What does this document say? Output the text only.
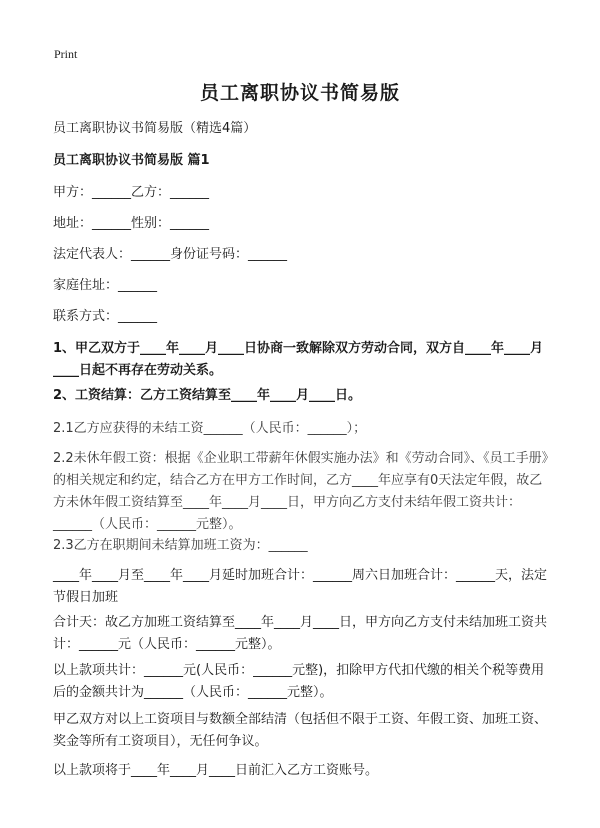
Print
员工离职协议书简易版
员工离职协议书简易版（精选4篇）
员工离职协议书简易版 篇1
甲方：______乙方：______
地址：______性别：______
法定代表人：______身份证号码：______
家庭住址：______
联系方式：______
1、甲乙双方于____年____月____日协商一致解除双方劳动合同，双方自____年____月____日起不再存在劳动关系。
2、工资结算：乙方工资结算至____年____月____日。
2.1乙方应获得的未结工资______（人民币：______）；
2.2未休年假工资：根据《企业职工带薪年休假实施办法》和《劳动合同》、《员工手册》的相关规定和约定，结合乙方在甲方工作时间，乙方____年应享有0天法定年假，故乙方未休年假工资结算至____年____月____日，甲方向乙方支付未结年假工资共计：______（人民币：______元整）。
2.3乙方在职期间未结算加班工资为：______
____年____月至____年____月延时加班合计：______周六日加班合计：______天，法定节假日加班
合计天：故乙方加班工资结算至____年____月____日，甲方向乙方支付未结加班工资共计：______元（人民币：______元整）。
以上款项共计：______元(人民币：______元整)，扣除甲方代扣代缴的相关个税等费用后的金额共计为______（人民币：______元整）。
甲乙双方对以上工资项目与数额全部结清（包括但不限于工资、年假工资、加班工资、奖金等所有工资项目），无任何争议。
以上款项将于____年____月____日前汇入乙方工资账号。
